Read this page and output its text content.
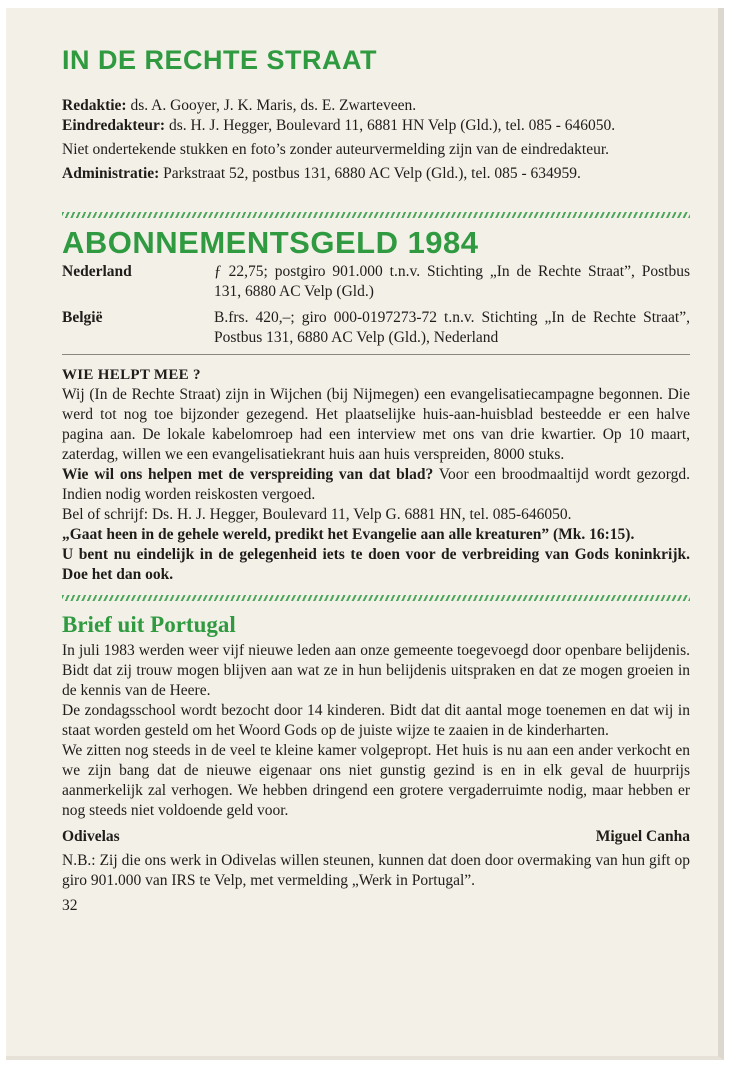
IN DE RECHTE STRAAT

Redaktie: ds. A. Gooyer, J. K. Maris, ds. E. Zwarteveen.

Eindredakteur: ds. H. J. Hegger, Boulevard 11, 6881 HN Velp (Gld.), tel. 085 - 646050.

Niet ondertekende stukken en foto’s zonder auteurvermelding zijn van de eindredakteur.

Administratie: Parkstraat 52, postbus 131, 6880 AC Velp (Gld.), tel. 085 - 634959.

ABONNEMENTSGELD 1984
Nederland	ƒ 22,75; postgiro 901.000 t.n.v. Stichting „In de Rechte Straat”, Postbus 131, 6880 AC Velp (Gld.)
België	B.frs. 420,–; giro 000-0197273-72 t.n.v. Stichting „In de Rechte Straat”, Postbus 131, 6880 AC Velp (Gld.), Nederland
WIE HELPT MEE ?

Wij (In de Rechte Straat) zijn in Wijchen (bij Nijmegen) een evangelisatiecampagne begonnen. Die werd tot nog toe bijzonder gezegend. Het plaatselijke huis-aan-huisblad besteedde er een halve pagina aan. De lokale kabelomroep had een interview met ons van drie kwartier. Op 10 maart, zaterdag, willen we een evangelisatiekrant huis aan huis verspreiden, 8000 stuks.

Wie wil ons helpen met de verspreiding van dat blad? Voor een broodmaaltijd wordt gezorgd. Indien nodig worden reiskosten vergoed.

Bel of schrijf: Ds. H. J. Hegger, Boulevard 11, Velp G. 6881 HN, tel. 085-646050.

„Gaat heen in de gehele wereld, predikt het Evangelie aan alle kreaturen” (Mk. 16:15).

U bent nu eindelijk in de gelegenheid iets te doen voor de verbreiding van Gods koninkrijk. Doe het dan ook.

Brief uit Portugal

In juli 1983 werden weer vijf nieuwe leden aan onze gemeente toegevoegd door openbare belijdenis. Bidt dat zij trouw mogen blijven aan wat ze in hun belijdenis uitspraken en dat ze mogen groeien in de kennis van de Heere.

De zondagsschool wordt bezocht door 14 kinderen. Bidt dat dit aantal moge toenemen en dat wij in staat worden gesteld om het Woord Gods op de juiste wijze te zaaien in de kinderharten.

We zitten nog steeds in de veel te kleine kamer volgepropt. Het huis is nu aan een ander verkocht en we zijn bang dat de nieuwe eigenaar ons niet gunstig gezind is en in elk geval de huurprijs aanmerkelijk zal verhogen. We hebben dringend een grotere vergaderruimte nodig, maar hebben er nog steeds niet voldoende geld voor.

Odivelas	Miguel Canha

N.B.: Zij die ons werk in Odivelas willen steunen, kunnen dat doen door overmaking van hun gift op giro 901.000 van IRS te Velp, met vermelding „Werk in Portugal”.

32
